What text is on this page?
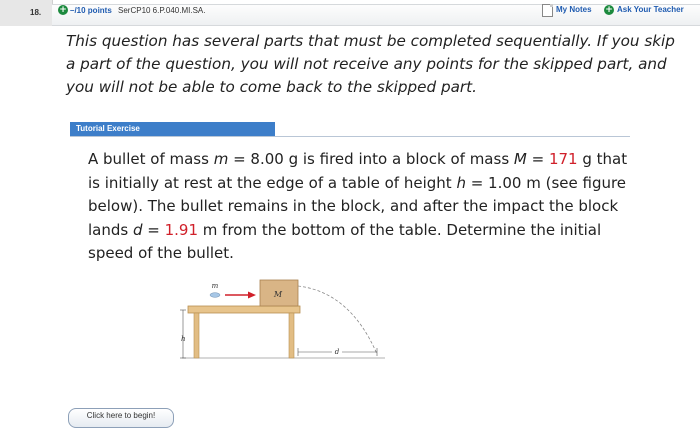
18. + –/10 points SerCP10 6.P.040.MI.SA.	My Notes + Ask Your Teacher
This question has several parts that must be completed sequentially. If you skip a part of the question, you will not receive any points for the skipped part, and you will not be able to come back to the skipped part.
Tutorial Exercise
A bullet of mass m = 8.00 g is fired into a block of mass M = 171 g that is initially at rest at the edge of a table of height h = 1.00 m (see figure below). The bullet remains in the block, and after the impact the block lands d = 1.91 m from the bottom of the table. Determine the initial speed of the bullet.
M
m
h
d
Click here to begin!
